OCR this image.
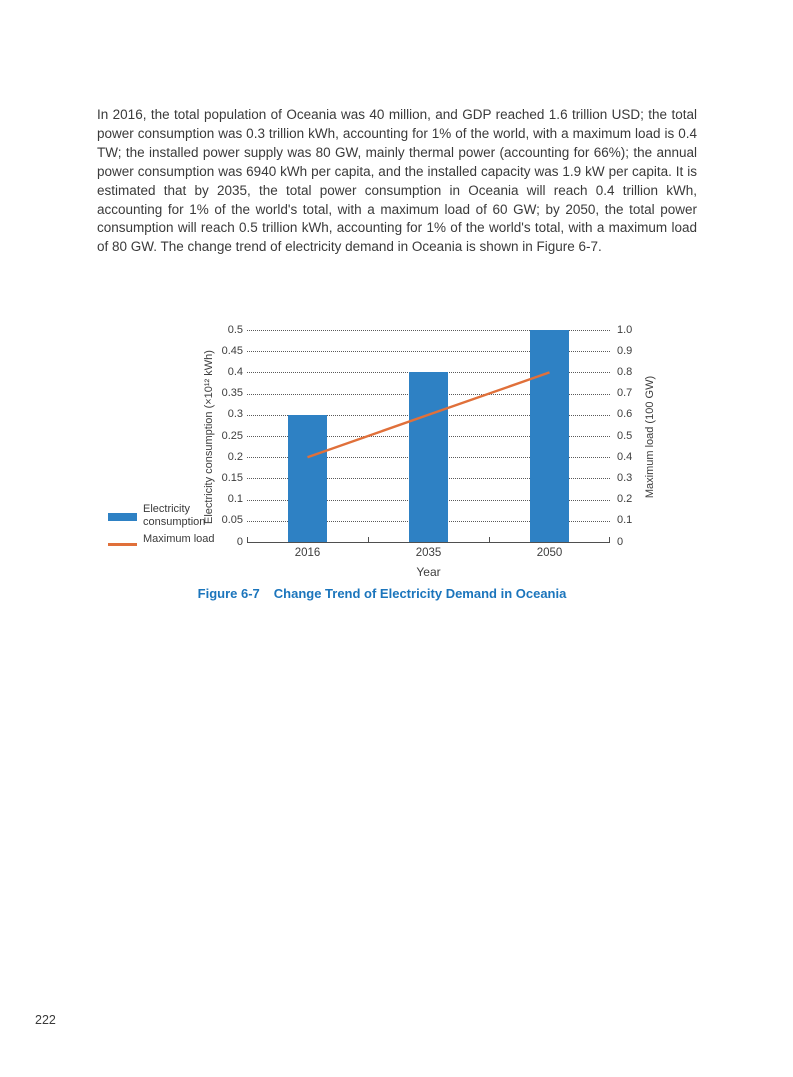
In 2016, the total population of Oceania was 40 million, and GDP reached 1.6 trillion USD; the total power consumption was 0.3 trillion kWh, accounting for 1% of the world, with a maximum load is 0.4 TW; the installed power supply was 80 GW, mainly thermal power (accounting for 66%); the annual power consumption was 6940 kWh per capita, and the installed capacity was 1.9 kW per capita. It is estimated that by 2035, the total power consumption in Oceania will reach 0.4 trillion kWh, accounting for 1% of the world's total, with a maximum load of 60 GW; by 2050, the total power consumption will reach 0.5 trillion kWh, accounting for 1% of the world's total, with a maximum load of 80 GW. The change trend of electricity demand in Oceania is shown in Figure 6-7.
Electricity consumption (×10¹² kWh)	Maximum load (100 GW)
Year
Electricity consumption
Maximum load	0
0.05
0.1
0.15
0.2
0.25
0.3
0.35
0.4
0.45
0.5
0
0.1
0.2
0.3
0.4
0.5
0.6
0.7
0.8
0.9
1.0
2016	2035	2050
Figure 6-7 Change Trend of Electricity Demand in Oceania
222
